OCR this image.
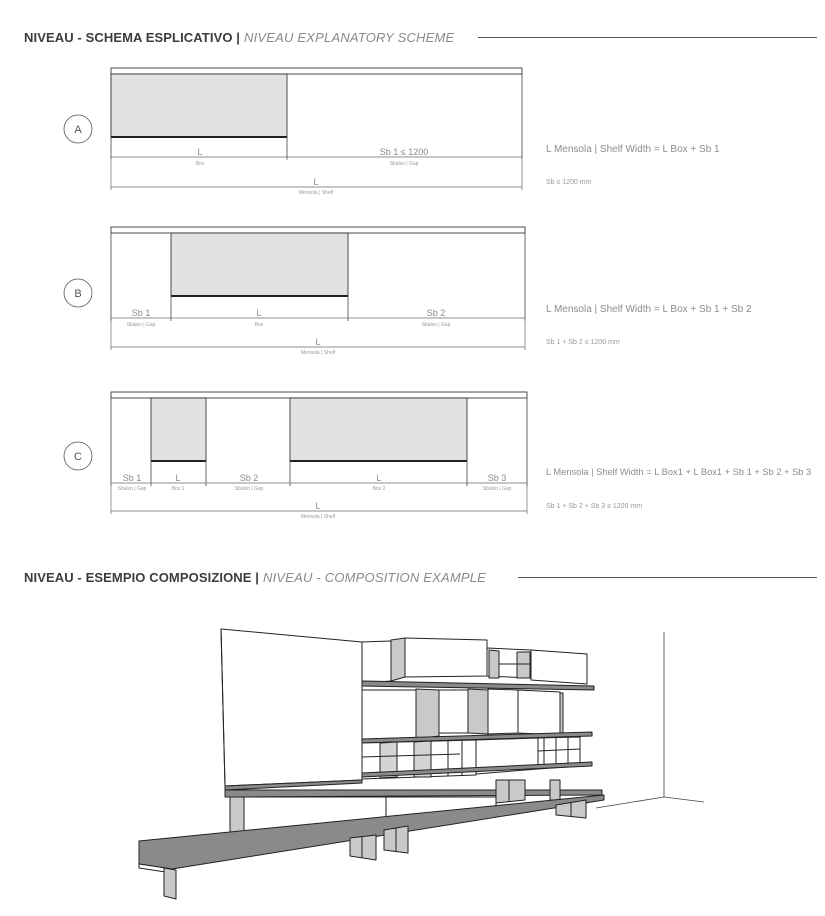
NIVEAU - SCHEMA ESPLICATIVO | NIVEAU EXPLANATORY SCHEME
NIVEAU - ESEMPIO COMPOSIZIONE | NIVEAU - COMPOSITION EXAMPLE
A
L
Box
Sb 1 ≤ 1200
Sbalzo | Gap
L
Mensola | Shelf
L Mensola | Shelf Width = L Box + Sb 1
Sb ≤ 1200 mm
B
Sb 1
Sbalzo | Gap
L
Box
Sb 2
Sbalzo | Gap
L
Mensola | Shelf
L Mensola | Shelf Width = L Box + Sb 1 + Sb 2
Sb 1 + Sb 2 ≤ 1200 mm
C
Sb 1
Sbalzo | Gap
L
Box 1
Sb 2
Sbalzo | Gap
L
Box 2
Sb 3
Sbalzo | Gap
L
Mensola | Shelf
L Mensola | Shelf Width = L Box1 + L Box1 + Sb 1 + Sb 2 + Sb 3
Sb 1 + Sb 2 + Sb 3 ≤ 1200 mm
